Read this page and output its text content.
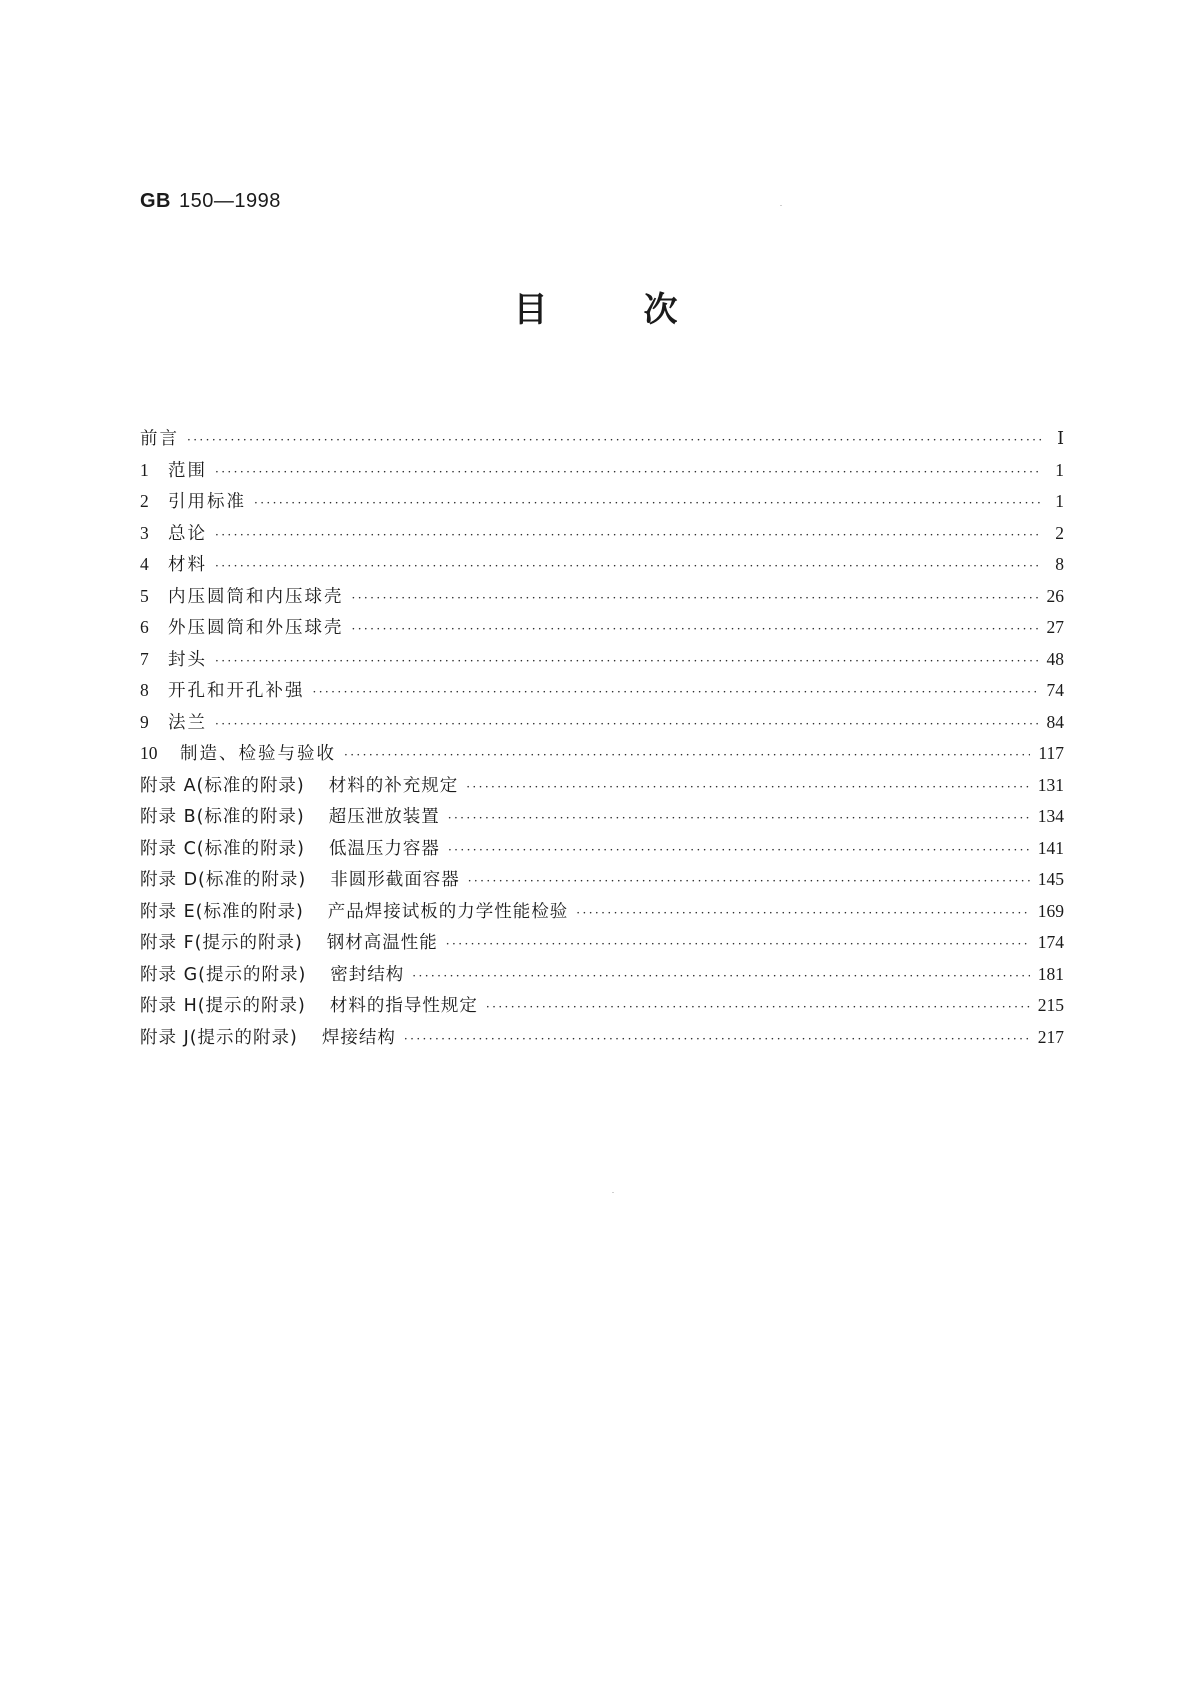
GB 150—1998
目次
前言 ·····	Ⅰ
1	范围 ·····	1
2	引用标准 ·····	1
3	总论 ·····	2
4	材料 ·····	8
5	内压圆筒和内压球壳 ·····	26
6	外压圆筒和外压球壳 ·····	27
7	封头 ·····	48
8	开孔和开孔补强 ·····	74
9	法兰 ·····	84
10	制造、检验与验收 ·····	117
附录 A(标准的附录) 材料的补充规定 ·····	131
附录 B(标准的附录) 超压泄放装置 ·····	134
附录 C(标准的附录) 低温压力容器 ·····	141
附录 D(标准的附录) 非圆形截面容器 ·····	145
附录 E(标准的附录) 产品焊接试板的力学性能检验 ·····	169
附录 F(提示的附录) 钢材高温性能 ·····	174
附录 G(提示的附录) 密封结构 ·····	181
附录 H(提示的附录) 材料的指导性规定 ·····	215
附录 J(提示的附录) 焊接结构 ·····	217
